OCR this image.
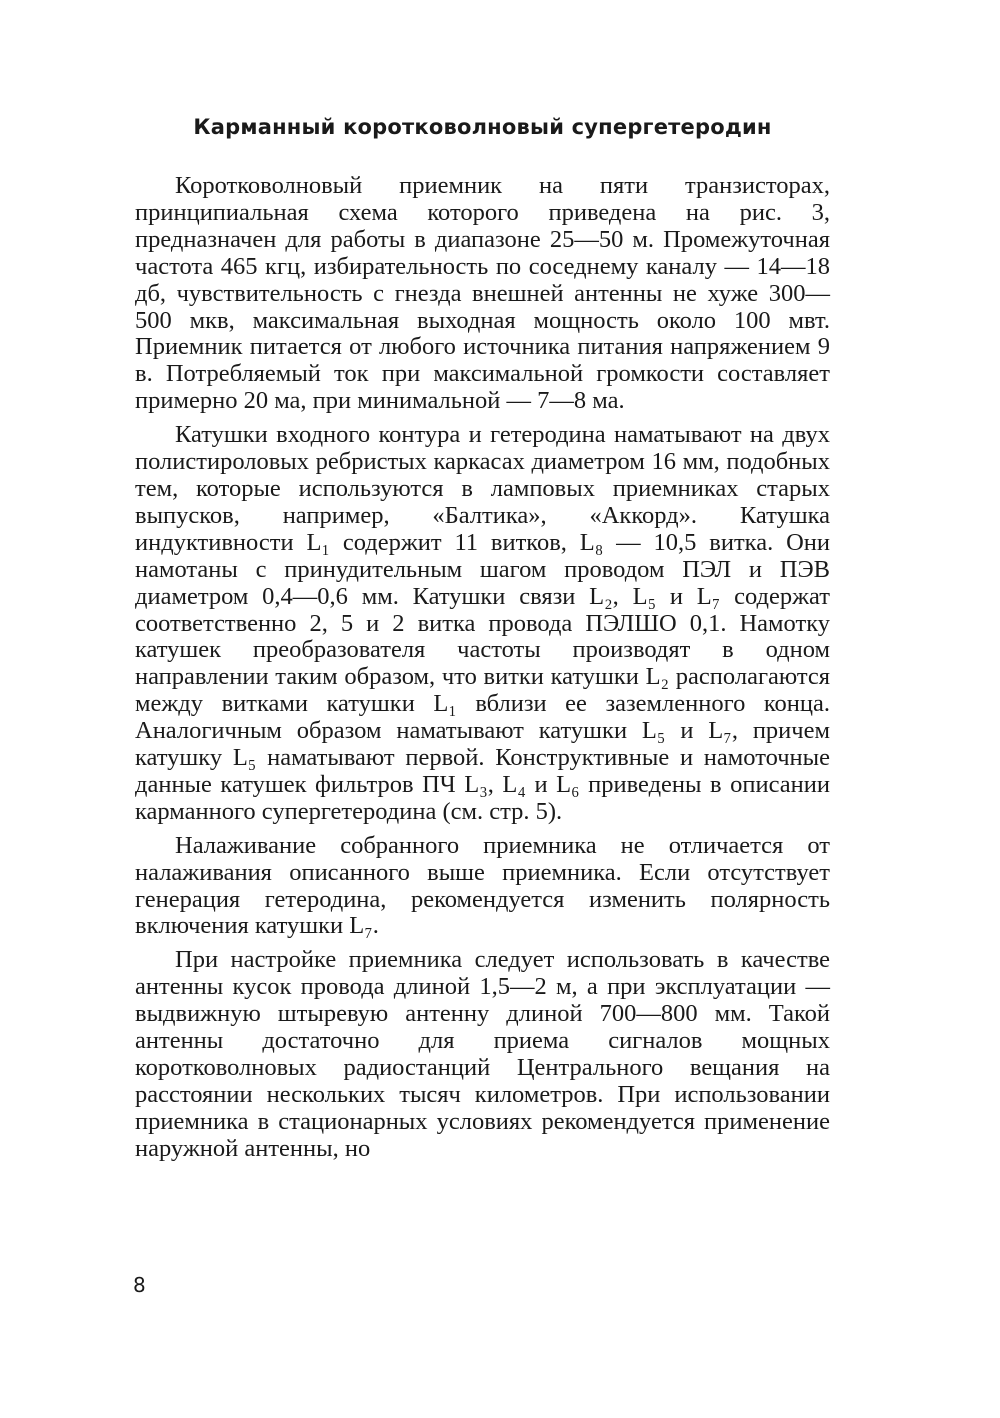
Карманный коротковолновый супергетеродин

Коротковолновый приемник на пяти транзисторах, принципиальная схема которого приведена на рис. 3, предназначен для работы в диапазоне 25—50 м. Промежуточная частота 465 кгц, избирательность по соседнему каналу — 14—18 дб, чувствительность с гнезда внешней антенны не хуже 300—500 мкв, максимальная выходная мощность около 100 мвт. Приемник питается от любого источника питания напряжением 9 в. Потребляемый ток при максимальной громкости составляет примерно 20 ма, при минимальной — 7—8 ма.

Катушки входного контура и гетеродина наматывают на двух полистироловых ребристых каркасах диаметром 16 мм, подобных тем, которые используются в ламповых приемниках старых выпусков, например, «Балтика», «Аккорд». Катушка индуктивности L₁ содержит 11 витков, L₈ — 10,5 витка. Они намотаны с принудительным шагом проводом ПЭЛ и ПЭВ диаметром 0,4—0,6 мм. Катушки связи L₂, L₅ и L₇ содержат соответственно 2, 5 и 2 витка провода ПЭЛШО 0,1. Намотку катушек преобразователя частоты производят в одном направлении таким образом, что витки катушки L₂ располагаются между витками катушки L₁ вблизи ее заземленного конца. Аналогичным образом наматывают катушки L₅ и L₇, причем катушку L₅ наматывают первой. Конструктивные и намоточные данные катушек фильтров ПЧ L₃, L₄ и L₆ приведены в описании карманного супергетеродина (см. стр. 5).

Налаживание собранного приемника не отличается от налаживания описанного выше приемника. Если отсутствует генерация гетеродина, рекомендуется изменить полярность включения катушки L₇.

При настройке приемника следует использовать в качестве антенны кусок провода длиной 1,5—2 м, а при эксплуатации — выдвижную штыревую антенну длиной 700—800 мм. Такой антенны достаточно для приема сигналов мощных коротковолновых радиостанций Центрального вещания на расстоянии нескольких тысяч километров. При использовании приемника в стационарных условиях рекомендуется применение наружной антенны, но

8
